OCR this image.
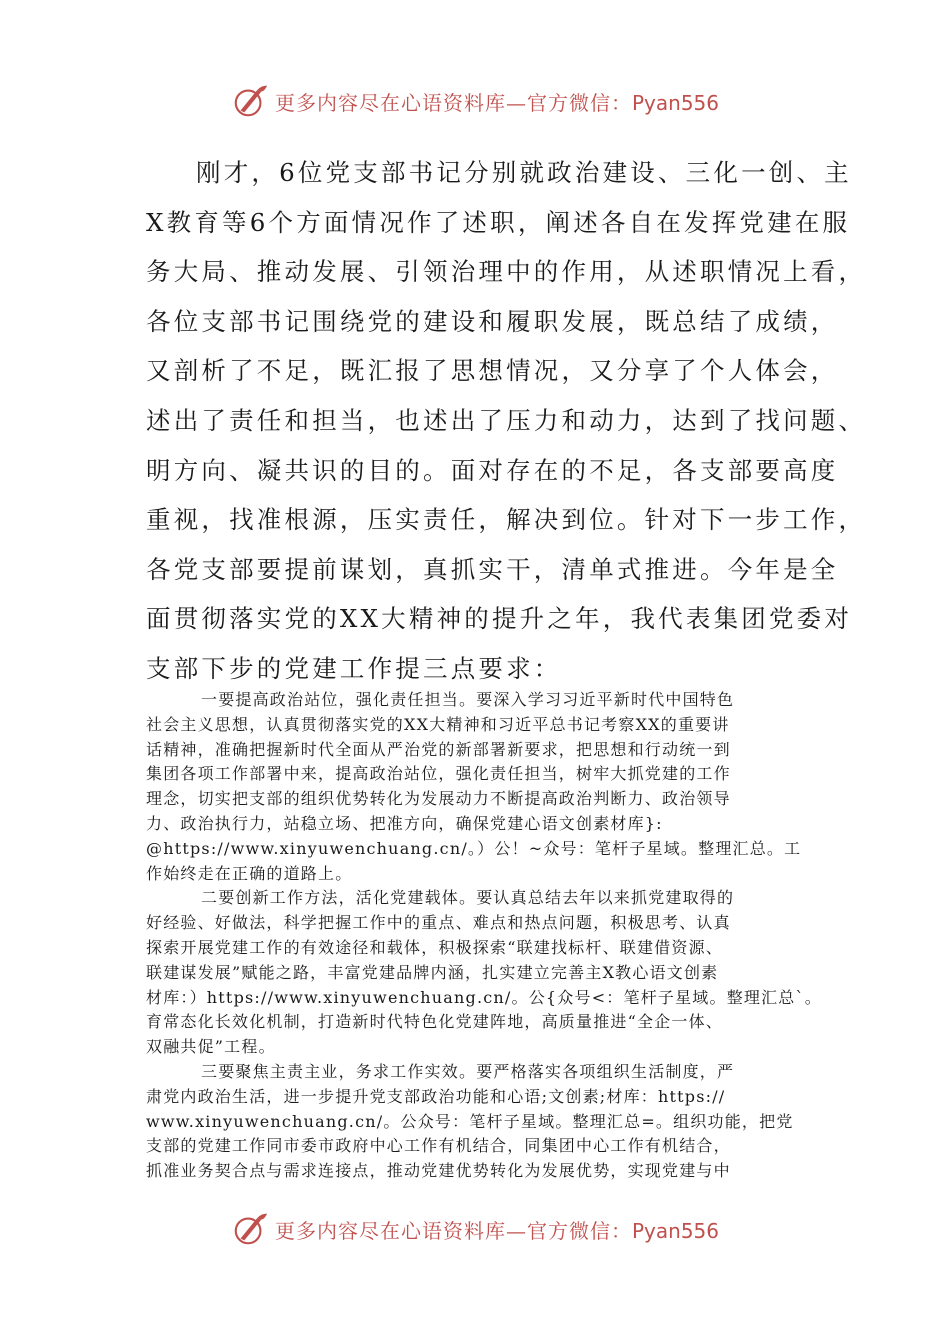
更多内容尽在心语资料库—官方微信：Pyan556
刚才，6位党支部书记分别就政治建设、三化一创、主
X教育等6个方面情况作了述职，阐述各自在发挥党建在服
务大局、推动发展、引领治理中的作用，从述职情况上看，
各位支部书记围绕党的建设和履职发展，既总结了成绩，
又剖析了不足，既汇报了思想情况，又分享了个人体会，
述出了责任和担当，也述出了压力和动力，达到了找问题、
明方向、凝共识的目的。面对存在的不足，各支部要高度
重视，找准根源，压实责任，解决到位。针对下一步工作，
各党支部要提前谋划，真抓实干，清单式推进。今年是全
面贯彻落实党的XX大精神的提升之年，我代表集团党委对
支部下步的党建工作提三点要求：
一要提高政治站位，强化责任担当。要深入学习习近平新时代中国特色
社会主义思想，认真贯彻落实党的XX大精神和习近平总书记考察XX的重要讲
话精神，准确把握新时代全面从严治党的新部署新要求，把思想和行动统一到
集团各项工作部署中来，提高政治站位，强化责任担当，树牢大抓党建的工作
理念，切实把支部的组织优势转化为发展动力不断提高政治判断力、政治领导
力、政治执行力，站稳立场、把准方向，确保党建心语文创素材库}:
@https://www.xinyuwenchuang.cn/。）公！~众号：笔杆子星域。整理汇总。工
作始终走在正确的道路上。
二要创新工作方法，活化党建载体。要认真总结去年以来抓党建取得的
好经验、好做法，科学把握工作中的重点、难点和热点问题，积极思考、认真
探索开展党建工作的有效途径和载体，积极探索“联建找标杆、联建借资源、
联建谋发展”赋能之路，丰富党建品牌内涵，扎实建立完善主X教心语文创素
材库：）https://www.xinyuwenchuang.cn/。公{众号<：笔杆子星域。整理汇总`。
育常态化长效化机制，打造新时代特色化党建阵地，高质量推进“全企一体、
双融共促”工程。
三要聚焦主责主业，务求工作实效。要严格落实各项组织生活制度，严
肃党内政治生活，进一步提升党支部政治功能和心语;文创素;材库：https://
www.xinyuwenchuang.cn/。公众号：笔杆子星域。整理汇总=。组织功能，把党
支部的党建工作同市委市政府中心工作有机结合，同集团中心工作有机结合，
抓准业务契合点与需求连接点，推动党建优势转化为发展优势，实现党建与中
更多内容尽在心语资料库—官方微信：Pyan556
